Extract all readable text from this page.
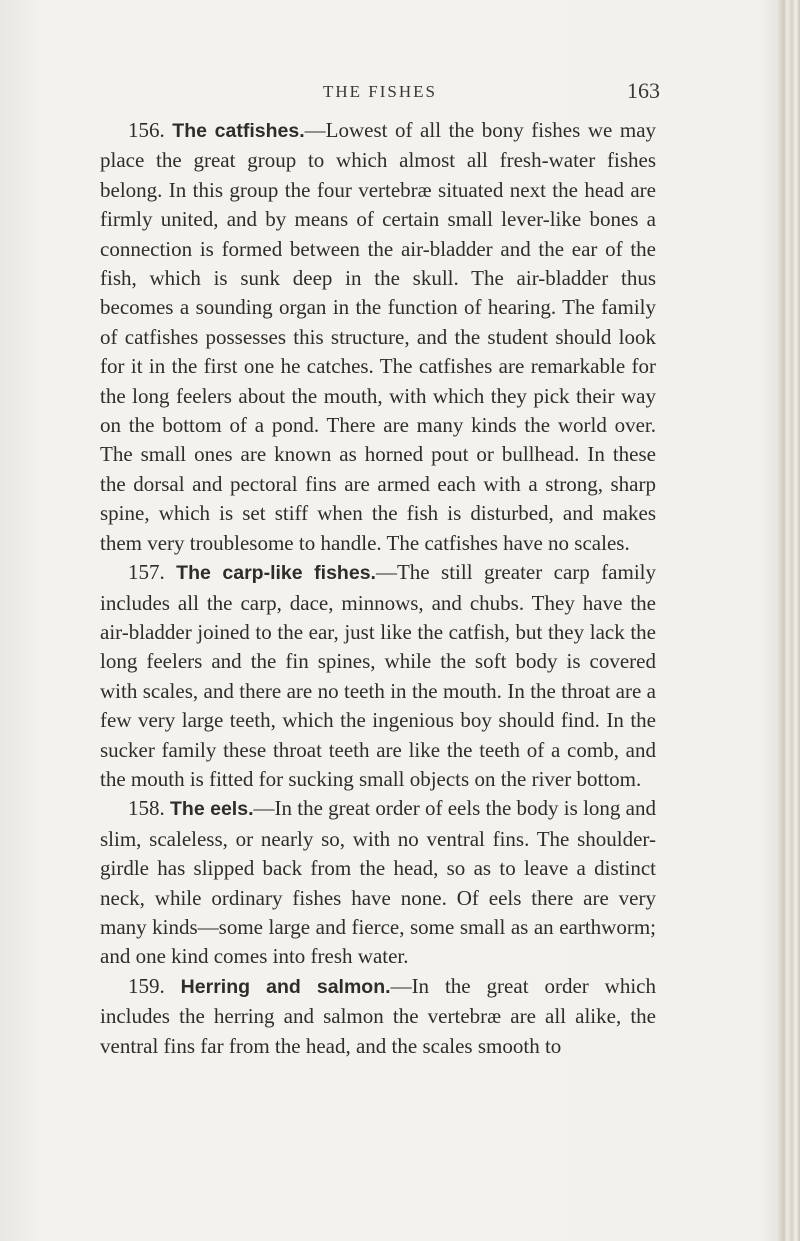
THE FISHES	163

156. The catfishes.—Lowest of all the bony fishes we may place the great group to which almost all fresh-water fishes belong. In this group the four vertebræ situated next the head are firmly united, and by means of certain small lever-like bones a connection is formed between the air-bladder and the ear of the fish, which is sunk deep in the skull. The air-bladder thus becomes a sounding organ in the function of hearing. The family of catfishes possesses this structure, and the student should look for it in the first one he catches. The catfishes are remarkable for the long feelers about the mouth, with which they pick their way on the bottom of a pond. There are many kinds the world over. The small ones are known as horned pout or bullhead. In these the dorsal and pectoral fins are armed each with a strong, sharp spine, which is set stiff when the fish is disturbed, and makes them very troublesome to handle. The catfishes have no scales.

157. The carp-like fishes.—The still greater carp family includes all the carp, dace, minnows, and chubs. They have the air-bladder joined to the ear, just like the catfish, but they lack the long feelers and the fin spines, while the soft body is covered with scales, and there are no teeth in the mouth. In the throat are a few very large teeth, which the ingenious boy should find. In the sucker family these throat teeth are like the teeth of a comb, and the mouth is fitted for sucking small objects on the river bottom.

158. The eels.—In the great order of eels the body is long and slim, scaleless, or nearly so, with no ventral fins. The shoulder-girdle has slipped back from the head, so as to leave a distinct neck, while ordinary fishes have none. Of eels there are very many kinds—some large and fierce, some small as an earthworm; and one kind comes into fresh water.

159. Herring and salmon.—In the great order which includes the herring and salmon the vertebræ are all alike, the ventral fins far from the head, and the scales smooth to
